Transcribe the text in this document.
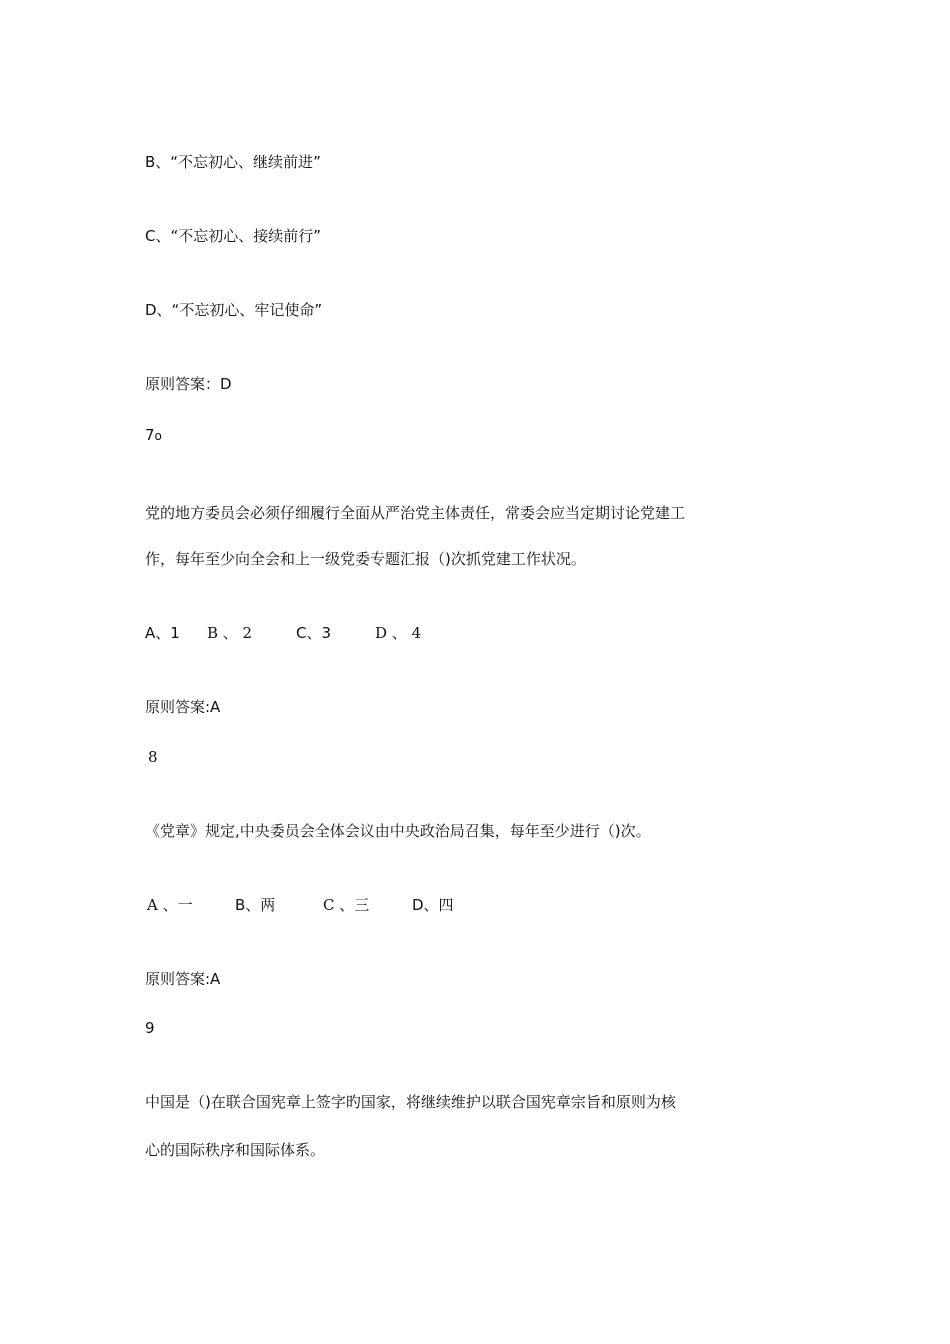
B、“不忘初心、继续前进”
C、“不忘初心、接续前行”
D、“不忘初心、牢记使命”
原则答案：D
7o
党的地方委员会必须仔细履行全面从严治党主体责任，常委会应当定期讨论党建工
作，每年至少向全会和上一级党委专题汇报（)次抓党建工作状况。
A、1 B 、 2	C、3	D 、 4
原则答案:A
8
《党章》规定,中央委员会全体会议由中央政治局召集，每年至少进行（)次。
A 、一	B、两	C 、三	D、四
原则答案:A
9
中国是（)在联合国宪章上签字旳国家，将继续维护以联合国宪章宗旨和原则为核
心的国际秩序和国际体系。
